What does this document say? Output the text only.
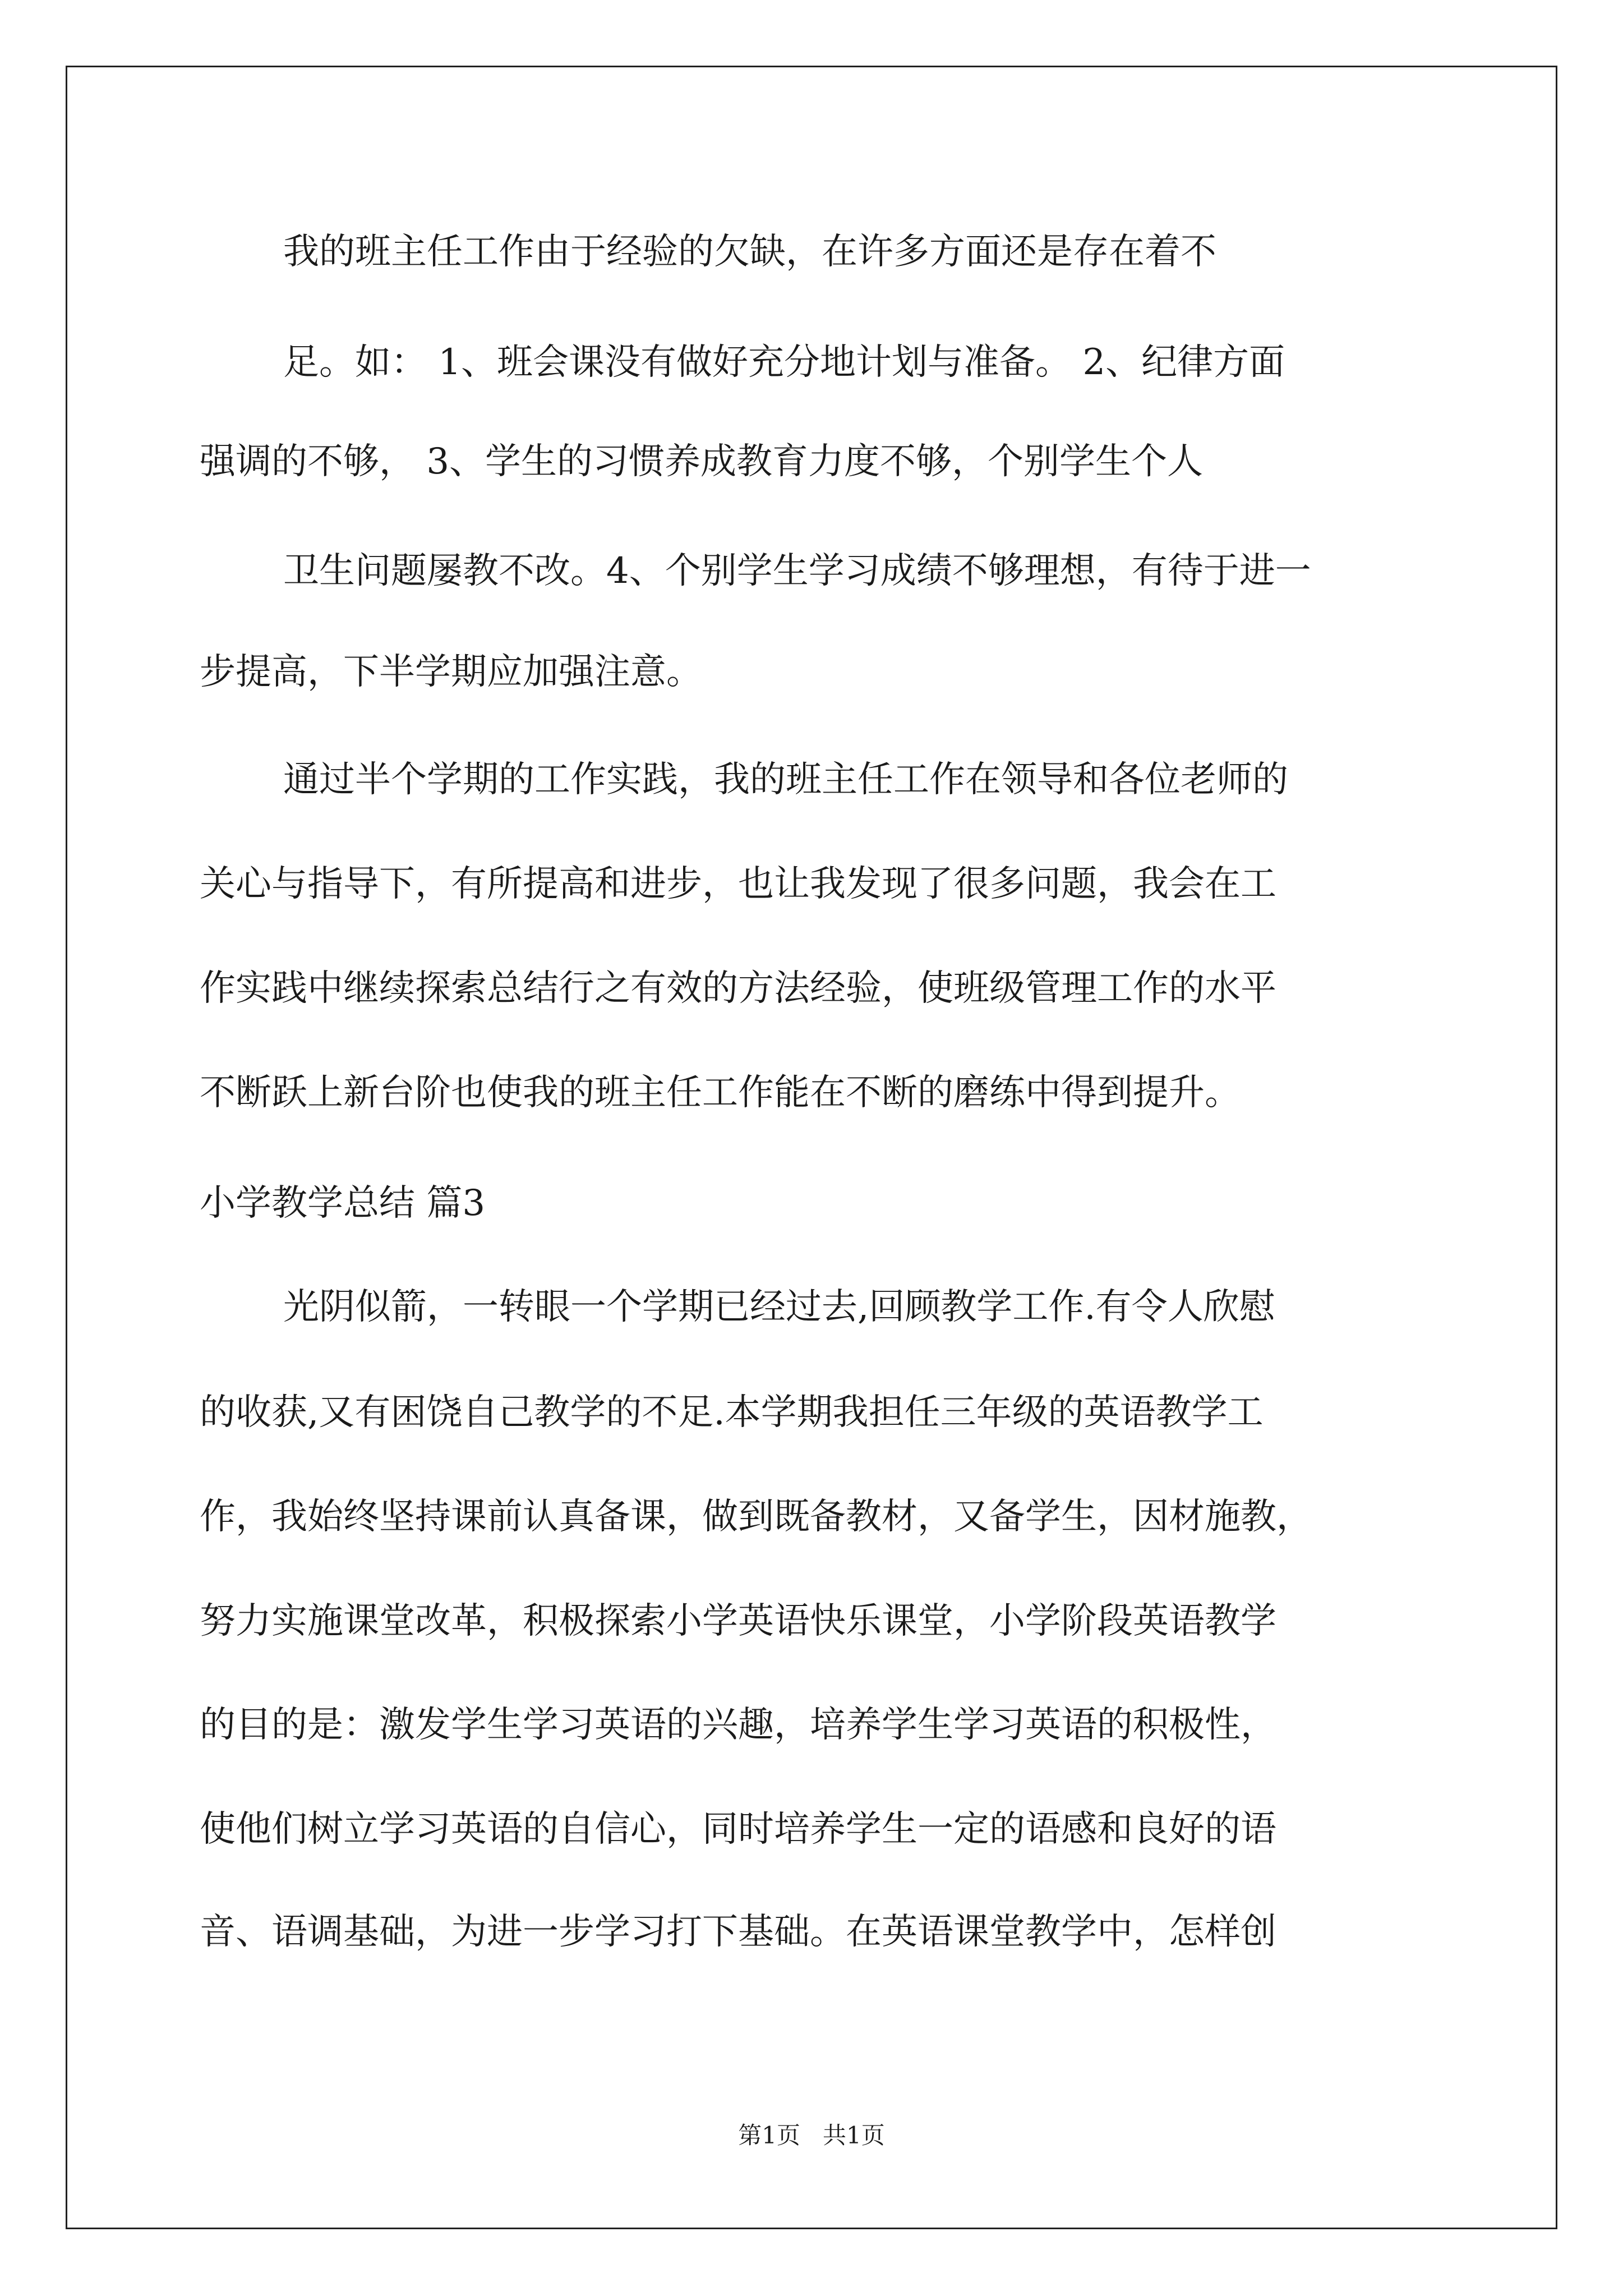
我的班主任工作由于经验的欠缺，在许多方面还是存在着不
足。如： 1、班会课没有做好充分地计划与准备。 2、纪律方面
强调的不够， 3、学生的习惯养成教育力度不够，个别学生个人
卫生问题屡教不改。4、个别学生学习成绩不够理想，有待于进一
步提高，下半学期应加强注意。
通过半个学期的工作实践，我的班主任工作在领导和各位老师的
关心与指导下，有所提高和进步，也让我发现了很多问题，我会在工
作实践中继续探索总结行之有效的方法经验，使班级管理工作的水平
不断跃上新台阶也使我的班主任工作能在不断的磨练中得到提升。
小学教学总结 篇3
光阴似箭，一转眼一个学期已经过去,回顾教学工作.有令人欣慰
的收获,又有困饶自己教学的不足.本学期我担任三年级的英语教学工
作，我始终坚持课前认真备课，做到既备教材，又备学生，因材施教，
努力实施课堂改革，积极探索小学英语快乐课堂，小学阶段英语教学
的目的是：激发学生学习英语的兴趣，培养学生学习英语的积极性，
使他们树立学习英语的自信心，同时培养学生一定的语感和良好的语
音、语调基础，为进一步学习打下基础。在英语课堂教学中，怎样创
第1页   共1页
